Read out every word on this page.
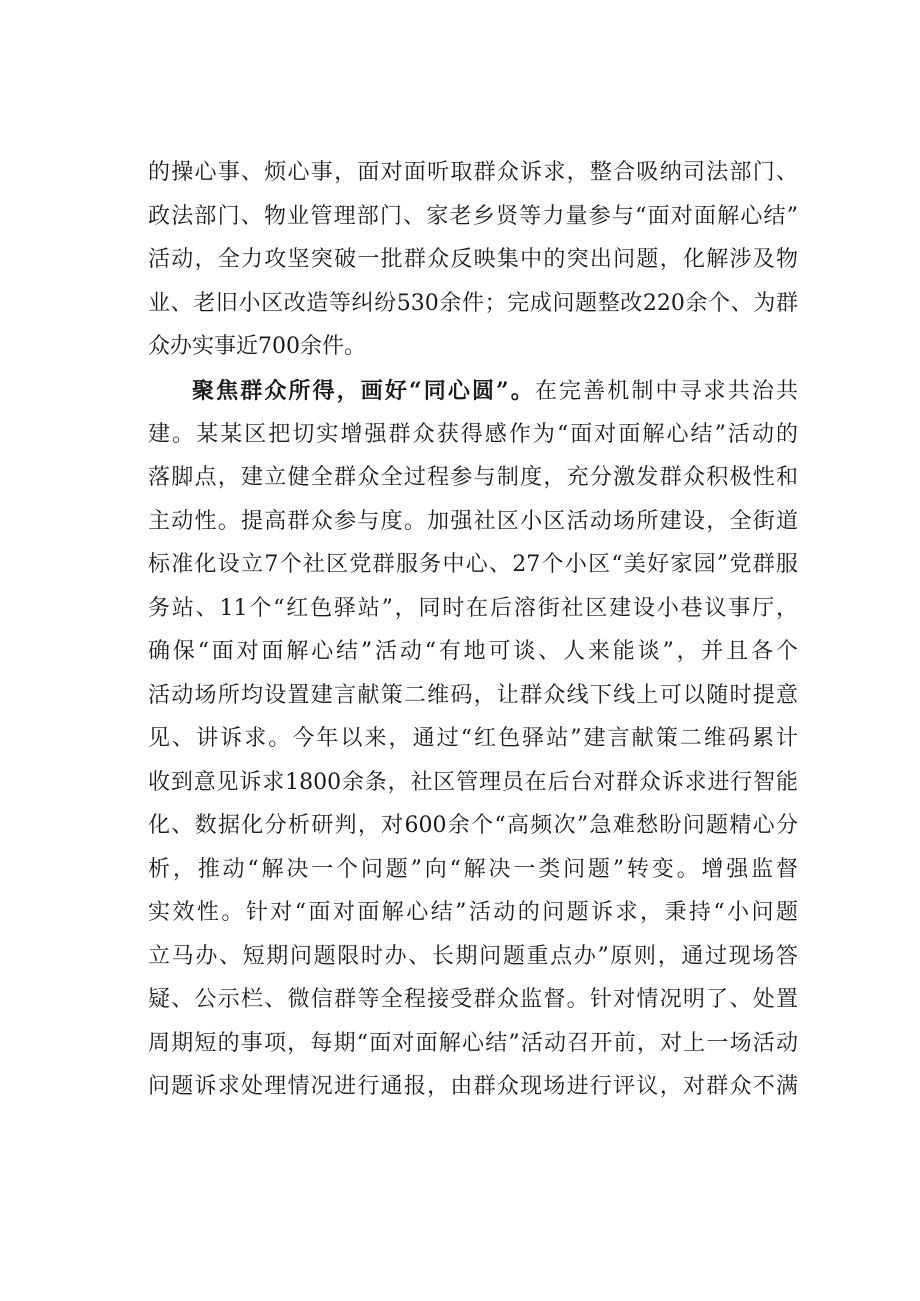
的操心事、烦心事，面对面听取群众诉求，整合吸纳司法部门、
政法部门、物业管理部门、家老乡贤等力量参与“面对面解心结”
活动，全力攻坚突破一批群众反映集中的突出问题，化解涉及物
业、老旧小区改造等纠纷530余件；完成问题整改220余个、为群
众办实事近700余件。
聚焦群众所得，画好“同心圆”。在完善机制中寻求共治共
建。某某区把切实增强群众获得感作为“面对面解心结”活动的
落脚点，建立健全群众全过程参与制度，充分激发群众积极性和
主动性。提高群众参与度。加强社区小区活动场所建设，全街道
标准化设立7个社区党群服务中心、27个小区“美好家园”党群服
务站、11个“红色驿站”，同时在后溶街社区建设小巷议事厅，
确保“面对面解心结”活动“有地可谈、人来能谈”，并且各个
活动场所均设置建言献策二维码，让群众线下线上可以随时提意
见、讲诉求。今年以来，通过“红色驿站”建言献策二维码累计
收到意见诉求1800余条，社区管理员在后台对群众诉求进行智能
化、数据化分析研判，对600余个“高频次”急难愁盼问题精心分
析，推动“解决一个问题”向“解决一类问题”转变。增强监督
实效性。针对“面对面解心结”活动的问题诉求，秉持“小问题
立马办、短期问题限时办、长期问题重点办”原则，通过现场答
疑、公示栏、微信群等全程接受群众监督。针对情况明了、处置
周期短的事项，每期“面对面解心结”活动召开前，对上一场活动
问题诉求处理情况进行通报，由群众现场进行评议，对群众不满
